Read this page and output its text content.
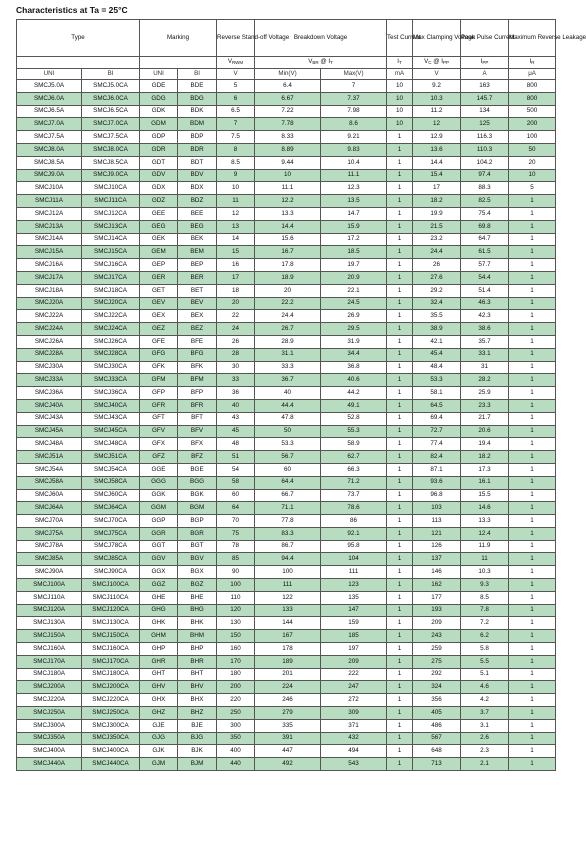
Characteristics at Ta = 25°C
Type		Marking		Reverse Stand-off Voltage	Breakdown Voltage		Test Current	Max Clamping Voltage	Peak Pulse Current	Maximum Reverse Leakage
				$V_{RWM}$	$V_{BR}$ @ $I_T$		$I_T$	$V_C$ @ $I_{PP}$	$I_{PP}$	$I_R$
UNI	BI	UNI	BI	V	Min(V)	Max(V)	mA	V	A	μA
SMCJ5.0A	SMCJ5.0CA	GDE	BDE	5	6.4	7	10	9.2	163	800
SMCJ6.0A	SMCJ6.0CA	GDG	BDG	6	6.67	7.37	10	10.3	145.7	800
SMCJ6.5A	SMCJ6.5CA	GDK	BDK	6.5	7.22	7.98	10	11.2	134	500
SMCJ7.0A	SMCJ7.0CA	GDM	BDM	7	7.78	8.6	10	12	125	200
SMCJ7.5A	SMCJ7.5CA	GDP	BDP	7.5	8.33	9.21	1	12.9	116.3	100
SMCJ8.0A	SMCJ8.0CA	GDR	BDR	8	8.89	9.83	1	13.6	110.3	50
SMCJ8.5A	SMCJ8.5CA	GDT	BDT	8.5	9.44	10.4	1	14.4	104.2	20
SMCJ9.0A	SMCJ9.0CA	GDV	BDV	9	10	11.1	1	15.4	97.4	10
SMCJ10A	SMCJ10CA	GDX	BDX	10	11.1	12.3	1	17	88.3	5
SMCJ11A	SMCJ11CA	GDZ	BDZ	11	12.2	13.5	1	18.2	82.5	1
SMCJ12A	SMCJ12CA	GEE	BEE	12	13.3	14.7	1	19.9	75.4	1
SMCJ13A	SMCJ13CA	GEG	BEG	13	14.4	15.9	1	21.5	69.8	1
SMCJ14A	SMCJ14CA	GEK	BEK	14	15.6	17.2	1	23.2	64.7	1
SMCJ15A	SMCJ15CA	GEM	BEM	15	16.7	18.5	1	24.4	61.5	1
SMCJ16A	SMCJ16CA	GEP	BEP	16	17.8	19.7	1	26	57.7	1
SMCJ17A	SMCJ17CA	GER	BER	17	18.9	20.9	1	27.6	54.4	1
SMCJ18A	SMCJ18CA	GET	BET	18	20	22.1	1	29.2	51.4	1
SMCJ20A	SMCJ20CA	GEV	BEV	20	22.2	24.5	1	32.4	46.3	1
SMCJ22A	SMCJ22CA	GEX	BEX	22	24.4	26.9	1	35.5	42.3	1
SMCJ24A	SMCJ24CA	GEZ	BEZ	24	26.7	29.5	1	38.9	38.6	1
SMCJ26A	SMCJ26CA	GFE	BFE	26	28.9	31.9	1	42.1	35.7	1
SMCJ28A	SMCJ28CA	GFG	BFG	28	31.1	34.4	1	45.4	33.1	1
SMCJ30A	SMCJ30CA	GFK	BFK	30	33.3	36.8	1	48.4	31	1
SMCJ33A	SMCJ33CA	GFM	BFM	33	36.7	40.6	1	53.3	28.2	1
SMCJ36A	SMCJ36CA	GFP	BFP	36	40	44.2	1	58.1	25.9	1
SMCJ40A	SMCJ40CA	GFR	BFR	40	44.4	49.1	1	64.5	23.3	1
SMCJ43A	SMCJ43CA	GFT	BFT	43	47.8	52.8	1	69.4	21.7	1
SMCJ45A	SMCJ45CA	GFV	BFV	45	50	55.3	1	72.7	20.6	1
SMCJ48A	SMCJ48CA	GFX	BFX	48	53.3	58.9	1	77.4	19.4	1
SMCJ51A	SMCJ51CA	GFZ	BFZ	51	56.7	62.7	1	82.4	18.2	1
SMCJ54A	SMCJ54CA	GGE	BGE	54	60	66.3	1	87.1	17.3	1
SMCJ58A	SMCJ58CA	GGG	BGG	58	64.4	71.2	1	93.6	16.1	1
SMCJ60A	SMCJ60CA	GGK	BGK	60	66.7	73.7	1	96.8	15.5	1
SMCJ64A	SMCJ64CA	GGM	BGM	64	71.1	78.6	1	103	14.6	1
SMCJ70A	SMCJ70CA	GGP	BGP	70	77.8	86	1	113	13.3	1
SMCJ75A	SMCJ75CA	GGR	BGR	75	83.3	92.1	1	121	12.4	1
SMCJ78A	SMCJ78CA	GGT	BGT	78	86.7	95.8	1	126	11.9	1
SMCJ85A	SMCJ85CA	GGV	BGV	85	94.4	104	1	137	11	1
SMCJ90A	SMCJ90CA	GGX	BGX	90	100	111	1	146	10.3	1
SMCJ100A	SMCJ100CA	GGZ	BGZ	100	111	123	1	162	9.3	1
SMCJ110A	SMCJ110CA	GHE	BHE	110	122	135	1	177	8.5	1
SMCJ120A	SMCJ120CA	GHG	BHG	120	133	147	1	193	7.8	1
SMCJ130A	SMCJ130CA	GHK	BHK	130	144	159	1	209	7.2	1
SMCJ150A	SMCJ150CA	GHM	BHM	150	167	185	1	243	6.2	1
SMCJ160A	SMCJ160CA	GHP	BHP	160	178	197	1	259	5.8	1
SMCJ170A	SMCJ170CA	GHR	BHR	170	189	209	1	275	5.5	1
SMCJ180A	SMCJ180CA	GHT	BHT	180	201	222	1	292	5.1	1
SMCJ200A	SMCJ200CA	GHV	BHV	200	224	247	1	324	4.6	1
SMCJ220A	SMCJ220CA	GHX	BHX	220	246	272	1	356	4.2	1
SMCJ250A	SMCJ250CA	GHZ	BHZ	250	279	309	1	405	3.7	1
SMCJ300A	SMCJ300CA	GJE	BJE	300	335	371	1	486	3.1	1
SMCJ350A	SMCJ350CA	GJG	BJG	350	391	432	1	567	2.6	1
SMCJ400A	SMCJ400CA	GJK	BJK	400	447	494	1	648	2.3	1
SMCJ440A	SMCJ440CA	GJM	BJM	440	492	543	1	713	2.1	1
